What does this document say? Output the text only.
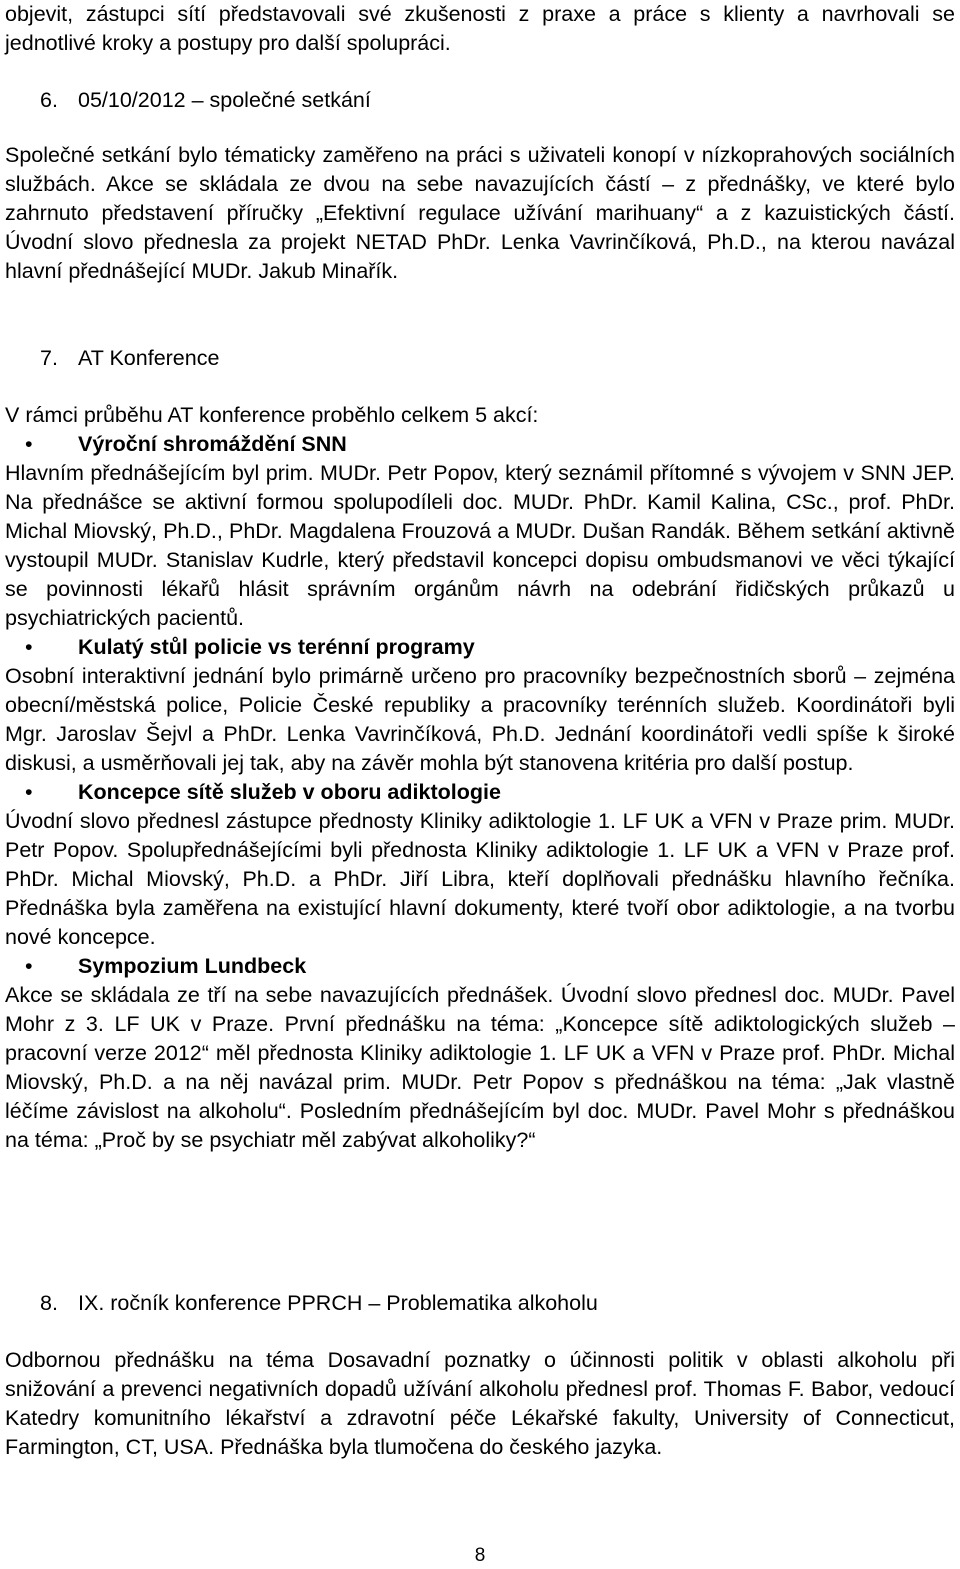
objevit, zástupci sítí představovali své zkušenosti z praxe a práce s klienty a navrhovali se jednotlivé kroky a postupy pro další spolupráci.

6. 05/10/2012 – společné setkání

Společné setkání bylo tématicky zaměřeno na práci s uživateli konopí v nízkoprahových sociálních službách. Akce se skládala ze dvou na sebe navazujících částí – z přednášky, ve které bylo zahrnuto představení příručky „Efektivní regulace užívání marihuany“ a z kazuistických částí. Úvodní slovo přednesla za projekt NETAD PhDr. Lenka Vavrinčíková, Ph.D., na kterou navázal hlavní přednášející MUDr. Jakub Minařík.

7. AT Konference

V rámci průběhu AT konference proběhlo celkem 5 akcí:

• Výroční shromáždění SNN

Hlavním přednášejícím byl prim. MUDr. Petr Popov, který seznámil přítomné s vývojem v SNN JEP. Na přednášce se aktivní formou spolupodíleli doc. MUDr. PhDr. Kamil Kalina, CSc., prof. PhDr. Michal Miovský, Ph.D., PhDr. Magdalena Frouzová a MUDr. Dušan Randák. Během setkání aktivně vystoupil MUDr. Stanislav Kudrle, který představil koncepci dopisu ombudsmanovi ve věci týkající se povinnosti lékařů hlásit správním orgánům návrh na odebrání řidičských průkazů u psychiatrických pacientů.

• Kulatý stůl policie vs terénní programy

Osobní interaktivní jednání bylo primárně určeno pro pracovníky bezpečnostních sborů – zejména obecní/městská police, Policie České republiky a pracovníky terénních služeb. Koordinátoři byli Mgr. Jaroslav Šejvl a PhDr. Lenka Vavrinčíková, Ph.D. Jednání koordinátoři vedli spíše k široké diskusi, a usměrňovali jej tak, aby na závěr mohla být stanovena kritéria pro další postup.

• Koncepce sítě služeb v oboru adiktologie

Úvodní slovo přednesl zástupce přednosty Kliniky adiktologie 1. LF UK a VFN v Praze prim. MUDr. Petr Popov. Spolupřednášejícími byli přednosta Kliniky adiktologie 1. LF UK a VFN v Praze prof. PhDr. Michal Miovský, Ph.D. a PhDr. Jiří Libra, kteří doplňovali přednášku hlavního řečníka. Přednáška byla zaměřena na existující hlavní dokumenty, které tvoří obor adiktologie, a na tvorbu nové koncepce.

• Sympozium Lundbeck

Akce se skládala ze tří na sebe navazujících přednášek. Úvodní slovo přednesl doc. MUDr. Pavel Mohr z 3. LF UK v Praze. První přednášku na téma: „Koncepce sítě adiktologických služeb – pracovní verze 2012“ měl přednosta Kliniky adiktologie 1. LF UK a VFN v Praze prof. PhDr. Michal Miovský, Ph.D. a na něj navázal prim. MUDr. Petr Popov s přednáškou na téma: „Jak vlastně léčíme závislost na alkoholu“. Posledním přednášejícím byl doc. MUDr. Pavel Mohr s přednáškou na téma: „Proč by se psychiatr měl zabývat alkoholiky?“

8. IX. ročník konference PPRCH – Problematika alkoholu

Odbornou přednášku na téma Dosavadní poznatky o účinnosti politik v oblasti alkoholu při snižování a prevenci negativních dopadů užívání alkoholu přednesl prof. Thomas F. Babor, vedoucí Katedry komunitního lékařství a zdravotní péče Lékařské fakulty, University of Connecticut, Farmington, CT, USA. Přednáška byla tlumočena do českého jazyka.

8
